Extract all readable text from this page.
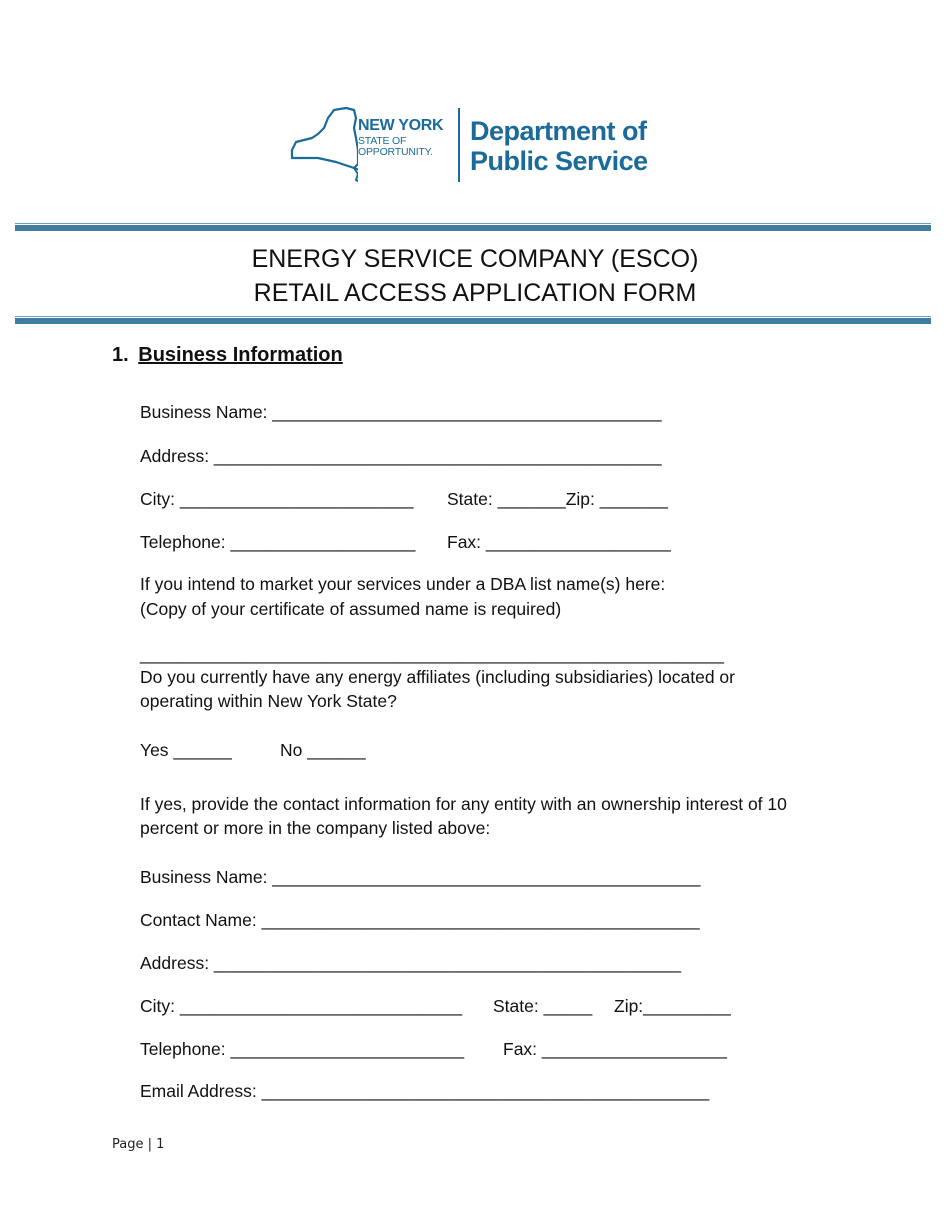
NEW YORK
STATE OF
OPPORTUNITY.
Department of
Public Service
ENERGY SERVICE COMPANY (ESCO)
RETAIL ACCESS APPLICATION FORM
1. Business Information
Business Name: ________________________________________
Address: ______________________________________________
City: ________________________ State: _______Zip: _______
Telephone: ___________________ Fax: ___________________
If you intend to market your services under a DBA list name(s) here:
(Copy of your certificate of assumed name is required)
____________________________________________________________
Do you currently have any energy affiliates (including subsidiaries) located or
operating within New York State?
Yes ______	No ______
If yes, provide the contact information for any entity with an ownership interest of 10
percent or more in the company listed above:
Business Name: ____________________________________________
Contact Name: _____________________________________________
Address: ________________________________________________
City: _____________________________ State: _____ Zip:_________
Telephone: ________________________ Fax: ___________________
Email Address: ______________________________________________
Page | 1
